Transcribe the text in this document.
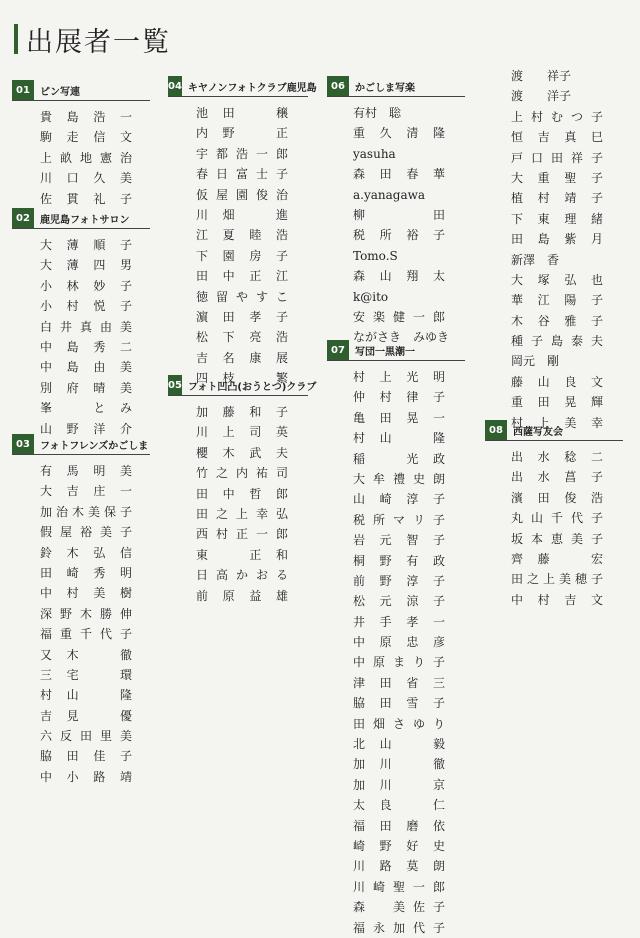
出展者一覧
01	ピン写連
貴島浩一
駒走信文
上畝地憲治
川口久美
佐貫礼子
02	鹿児島フォトサロン
大薄順子
大薄四男
小林妙子
小村悦子
白井真由美
中島秀二
中島由美
別府晴美
峯　とみ
山野洋介
03	フォトフレンズかごしま
有馬明美
大吉庄一
加治木美保子
假屋裕美子
鈴木弘信
田崎秀明
中村美樹
深野木勝伸
福重千代子
又木　徹
三宅　環
村山　隆
吉見　優
六反田里美
脇田佳子
中小路靖
04 キヤノンフォトクラブ鹿児島
池田　穣
内野　正
宇都浩一郎
春日富士子
仮屋園俊治
川畑　進
江夏睦浩
下園房子
田中正江
徳留やすこ
濵田孝子
松下亮浩
吉名康展
四枝　繁
05 フォト凹凸(おうとつ)クラブ
加藤和子
川上司英
櫻木武夫
竹之内祐司
田中哲郎
田之上幸弘
西村正一郎
東　正和
日高かおる
前原益雄
06	かごしま写楽
有村　聡
重久清隆
yasuha
森田春華
a.yanagawa
柳田
税所裕子
Tomo.S
森山翔太
k@ito
安楽健一郎
ながさき　みゆき
07	写団一黒潮一
村上光明
仲村律子
亀田晃一
村山　隆
稲　光政
大牟禮史朗
山崎淳子
税所マリ子
岩元智子
桐野有政
前野淳子
松元涼子
井手孝一
中原忠彦
中原まり子
津田省三
脇田雪子
田畑さゆり
北山　毅
加川　徹
加川　京
太良　仁
福田磨依
崎野好史
川路莫朗
川崎聖一郎
森　美佐子
福永加代子
渡　　祥子
渡　　洋子
上村むつ子
恒吉真巳
戸口田祥子
大重聖子
植村靖子
下東理緒
田島紫月
新澤　香
大塚弘也
華江陽子
木谷雅子
種子島泰夫
岡元　剛
藤山良文
重田晃輝
村上美幸
08	西薩写友会
出水稔二
出水菖子
濱田俊浩
丸山千代子
坂本恵美子
齊藤　宏
田之上美穂子
中村吉文
